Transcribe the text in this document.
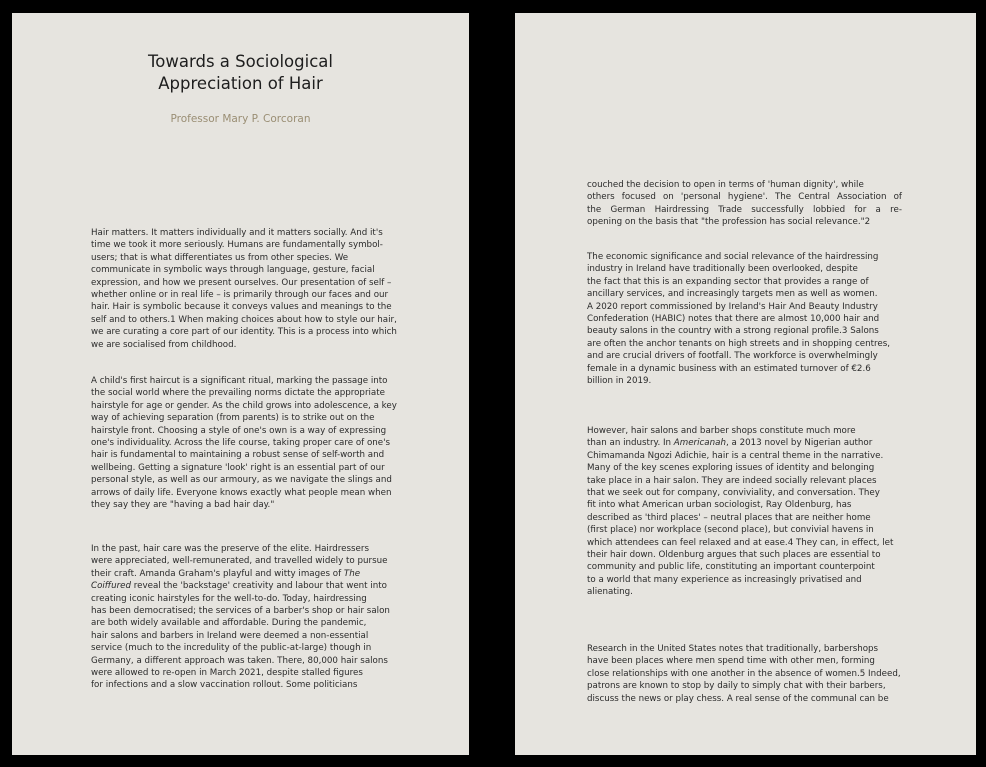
Towards a Sociological
Appreciation of Hair
Professor Mary P. Corcoran
Hair matters. It matters individually and it matters socially. And it's
time we took it more seriously. Humans are fundamentally symbol-
users; that is what differentiates us from other species. We
communicate in symbolic ways through language, gesture, facial
expression, and how we present ourselves. Our presentation of self –
whether online or in real life – is primarily through our faces and our
hair. Hair is symbolic because it conveys values and meanings to the
self and to others.1 When making choices about how to style our hair,
we are curating a core part of our identity. This is a process into which
we are socialised from childhood.
A child's first haircut is a significant ritual, marking the passage into
the social world where the prevailing norms dictate the appropriate
hairstyle for age or gender. As the child grows into adolescence, a key
way of achieving separation (from parents) is to strike out on the
hairstyle front. Choosing a style of one's own is a way of expressing
one's individuality. Across the life course, taking proper care of one's
hair is fundamental to maintaining a robust sense of self-worth and
wellbeing. Getting a signature 'look' right is an essential part of our
personal style, as well as our armoury, as we navigate the slings and
arrows of daily life. Everyone knows exactly what people mean when
they say they are "having a bad hair day."
In the past, hair care was the preserve of the elite. Hairdressers
were appreciated, well-remunerated, and travelled widely to pursue
their craft. Amanda Graham's playful and witty images of The
Coiffured reveal the 'backstage' creativity and labour that went into
creating iconic hairstyles for the well-to-do. Today, hairdressing
has been democratised; the services of a barber's shop or hair salon
are both widely available and affordable. During the pandemic,
hair salons and barbers in Ireland were deemed a non-essential
service (much to the incredulity of the public-at-large) though in
Germany, a different approach was taken. There, 80,000 hair salons
were allowed to re-open in March 2021, despite stalled figures
for infections and a slow vaccination rollout. Some politicians
couched the decision to open in terms of 'human dignity', while
others focused on 'personal hygiene'. The Central Association of
the German Hairdressing Trade successfully lobbied for a re-
opening on the basis that "the profession has social relevance."2
The economic significance and social relevance of the hairdressing
industry in Ireland have traditionally been overlooked, despite
the fact that this is an expanding sector that provides a range of
ancillary services, and increasingly targets men as well as women.
A 2020 report commissioned by Ireland's Hair And Beauty Industry
Confederation (HABIC) notes that there are almost 10,000 hair and
beauty salons in the country with a strong regional profile.3 Salons
are often the anchor tenants on high streets and in shopping centres,
and are crucial drivers of footfall. The workforce is overwhelmingly
female in a dynamic business with an estimated turnover of €2.6
billion in 2019.
However, hair salons and barber shops constitute much more
than an industry. In Americanah, a 2013 novel by Nigerian author
Chimamanda Ngozi Adichie, hair is a central theme in the narrative.
Many of the key scenes exploring issues of identity and belonging
take place in a hair salon. They are indeed socially relevant places
that we seek out for company, conviviality, and conversation. They
fit into what American urban sociologist, Ray Oldenburg, has
described as 'third places' – neutral places that are neither home
(first place) nor workplace (second place), but convivial havens in
which attendees can feel relaxed and at ease.4 They can, in effect, let
their hair down. Oldenburg argues that such places are essential to
community and public life, constituting an important counterpoint
to a world that many experience as increasingly privatised and
alienating.
Research in the United States notes that traditionally, barbershops
have been places where men spend time with other men, forming
close relationships with one another in the absence of women.5 Indeed,
patrons are known to stop by daily to simply chat with their barbers,
discuss the news or play chess. A real sense of the communal can be
